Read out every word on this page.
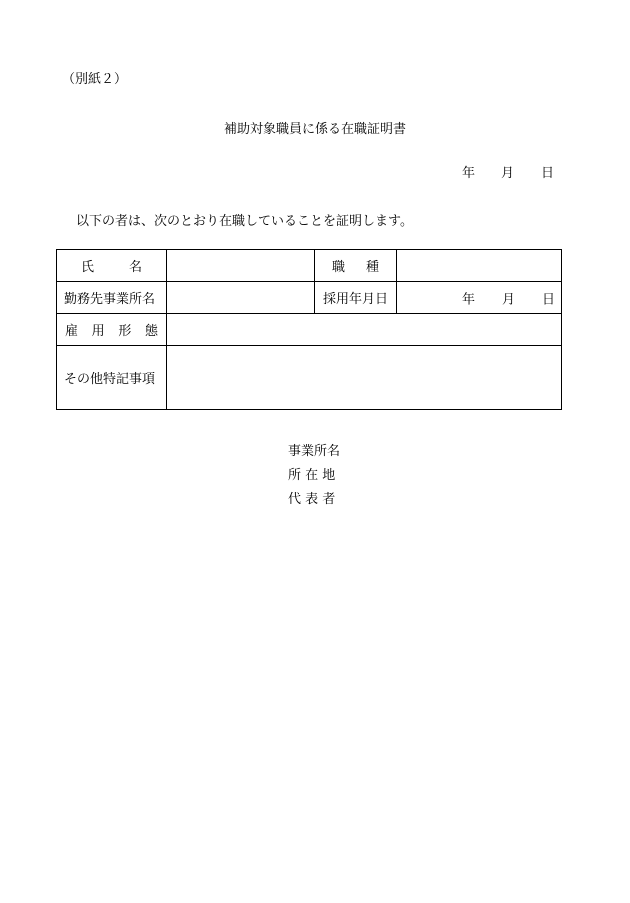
（別紙２）
補助対象職員に係る在職証明書
年 月 日
以下の者は、次のとおり在職していることを証明します。
氏 名		職 種	

勤務先事業所名		採用年月日	年 月 日

雇 用 形 態			

その他特記事項			
事業所名
所 在 地
代 表 者
